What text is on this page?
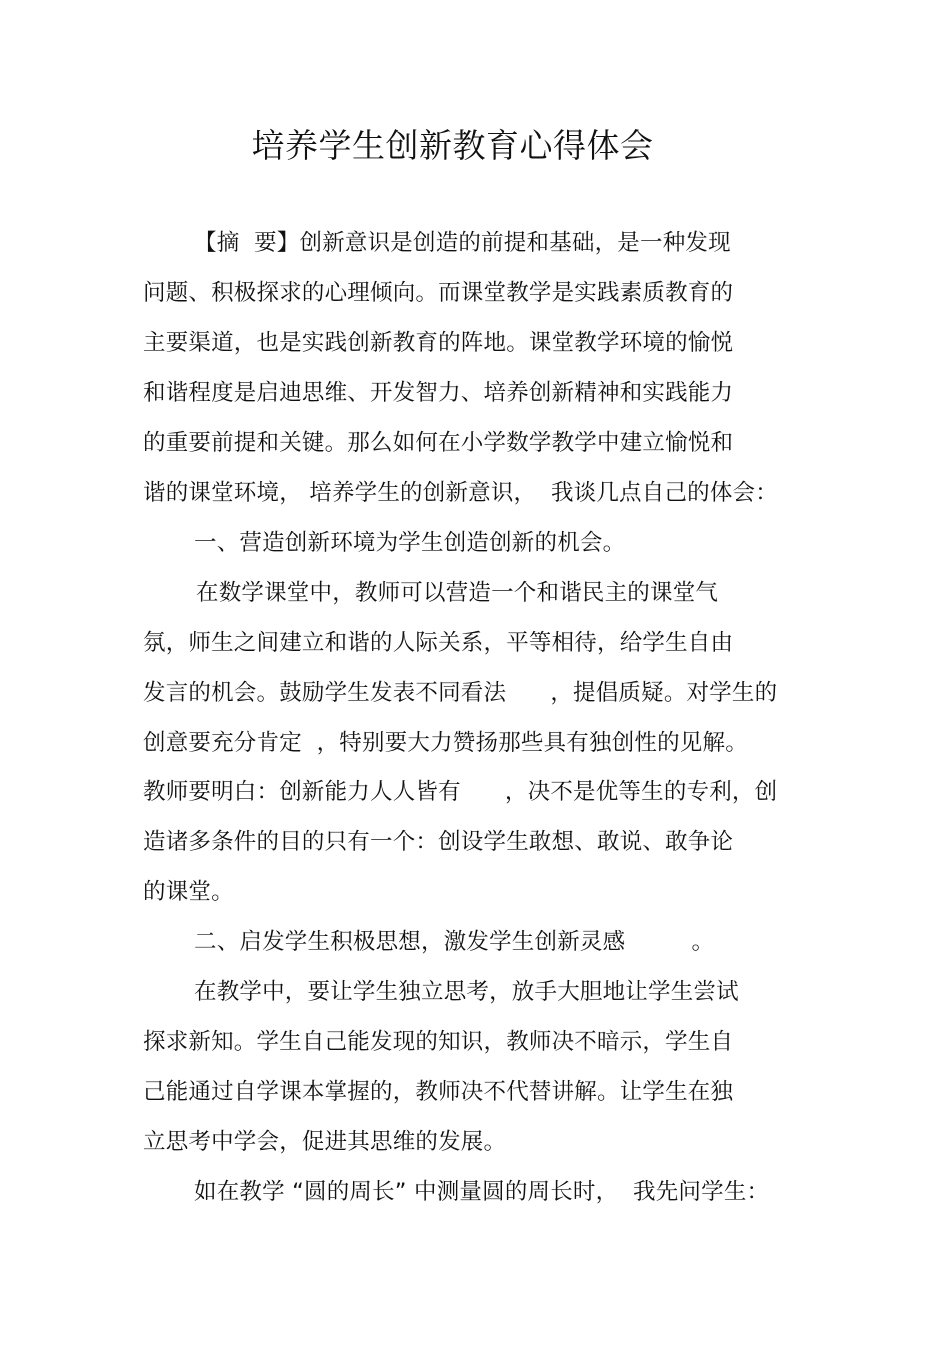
培养学生创新教育心得体会
【摘  要】创新意识是创造的前提和基础，是一种发现
问题、积极探求的心理倾向。而课堂教学是实践素质教育的
主要渠道，也是实践创新教育的阵地。课堂教学环境的愉悦
和谐程度是启迪思维、开发智力、培养创新精神和实践能力
的重要前提和关键。那么如何在小学数学教学中建立愉悦和
谐的课堂环境， 培养学生的创新意识，  我谈几点自己的体会：
一、营造创新环境为学生创造创新的机会。
在数学课堂中，教师可以营造一个和谐民主的课堂气
氛，师生之间建立和谐的人际关系，平等相待，给学生自由
发言的机会。鼓励学生发表不同看法      ，提倡质疑。对学生的
创意要充分肯定  ，特别要大力赞扬那些具有独创性的见解。
教师要明白：创新能力人人皆有      ，决不是优等生的专利，创
造诸多条件的目的只有一个：创设学生敢想、敢说、敢争论
的课堂。
二、启发学生积极思想，激发学生创新灵感         。
在教学中，要让学生独立思考，放手大胆地让学生尝试
探求新知。学生自己能发现的知识，教师决不暗示，学生自
己能通过自学课本掌握的，教师决不代替讲解。让学生在独
立思考中学会，促进其思维的发展。
如在教学 “圆的周长” 中测量圆的周长时，  我先问学生：
